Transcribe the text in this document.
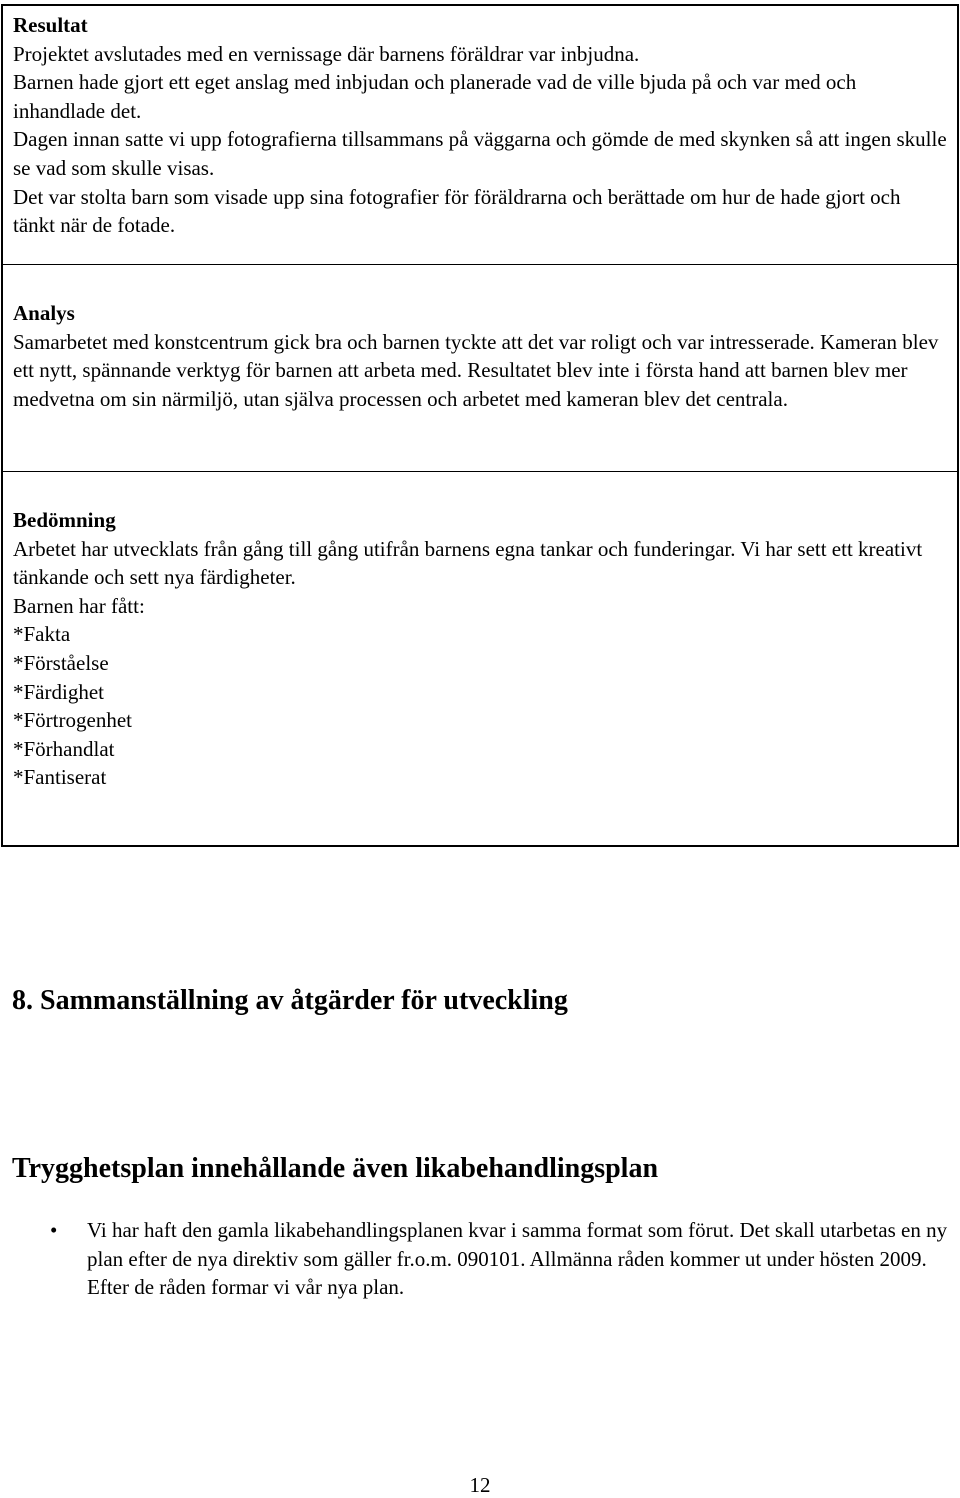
Resultat
Projektet avslutades med en vernissage där barnens föräldrar var inbjudna.
Barnen hade gjort ett eget anslag med inbjudan och planerade vad de ville bjuda på och var med och inhandlade det.
Dagen innan satte vi upp fotografierna tillsammans på väggarna och gömde de med skynken så att ingen skulle se vad som skulle visas.
Det var stolta barn som visade upp sina fotografier för föräldrarna och berättade om hur de hade gjort och tänkt när de fotade.
Analys
Samarbetet med konstcentrum gick bra och barnen tyckte att det var roligt och var intresserade. Kameran blev ett nytt, spännande verktyg för barnen att arbeta med. Resultatet blev inte i första hand att barnen blev mer medvetna om sin närmiljö, utan själva processen och arbetet med kameran blev det centrala.
Bedömning
Arbetet har utvecklats från gång till gång utifrån barnens egna tankar och funderingar. Vi har sett ett kreativt tänkande och sett nya färdigheter.
Barnen har fått:
*Fakta
*Förståelse
*Färdighet
*Förtrogenhet
*Förhandlat
*Fantiserat
8. Sammanställning av åtgärder för utveckling
Trygghetsplan innehållande även likabehandlingsplan
• Vi har haft den gamla likabehandlingsplanen kvar i samma format som förut. Det skall utarbetas en ny plan efter de nya direktiv som gäller fr.o.m. 090101. Allmänna råden kommer ut under hösten 2009. Efter de råden formar vi vår nya plan.
12
